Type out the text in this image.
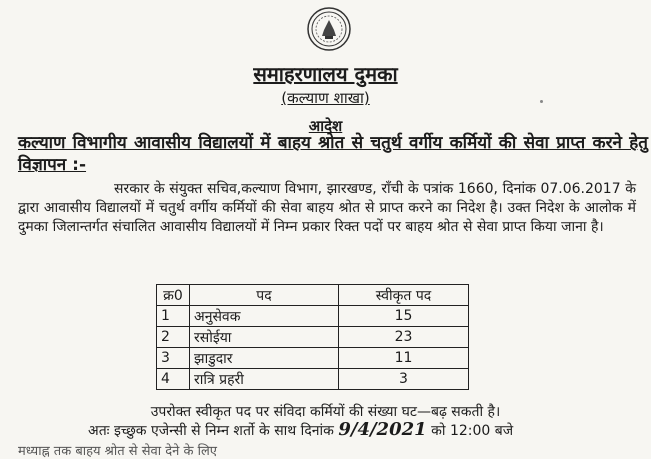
समाहरणालय दुमका
(कल्याण शाखा)
आदेश
कल्याण विभागीय आवासीय विद्यालयों में बाहय श्रोत से चतुर्थ वर्गीय कर्मियों की सेवा प्राप्त करने हेतु विज्ञापन :-
सरकार के संयुक्त सचिव,कल्याण विभाग, झारखण्ड, राँची के पत्रांक 1660, दिनांक 07.06.2017 के द्वारा आवासीय विद्यालयों में चतुर्थ वर्गीय कर्मियों की सेवा बाहय श्रोत से प्राप्त करने का निदेश है। उक्त निदेश के आलोक में दुमका जिलान्तर्गत संचालित आवासीय विद्यालयों में निम्न प्रकार रिक्त पदों पर बाहय श्रोत से सेवा प्राप्त किया जाना है।
क्र0	पद	स्वीकृत पद
1	अनुसेवक	15
2	रसोईया	23
3	झाडुदार	11
4	रात्रि प्रहरी	3
उपरोक्त स्वीकृत पद पर संविदा कर्मियों की संख्या घट—बढ़ सकती है।
अतः इच्छुक एजेन्सी से निम्न शर्तो के साथ दिनांक 9/4/2021 को 12:00 बजे
मध्याह्न तक बाहय श्रोत से सेवा देने के लिए
